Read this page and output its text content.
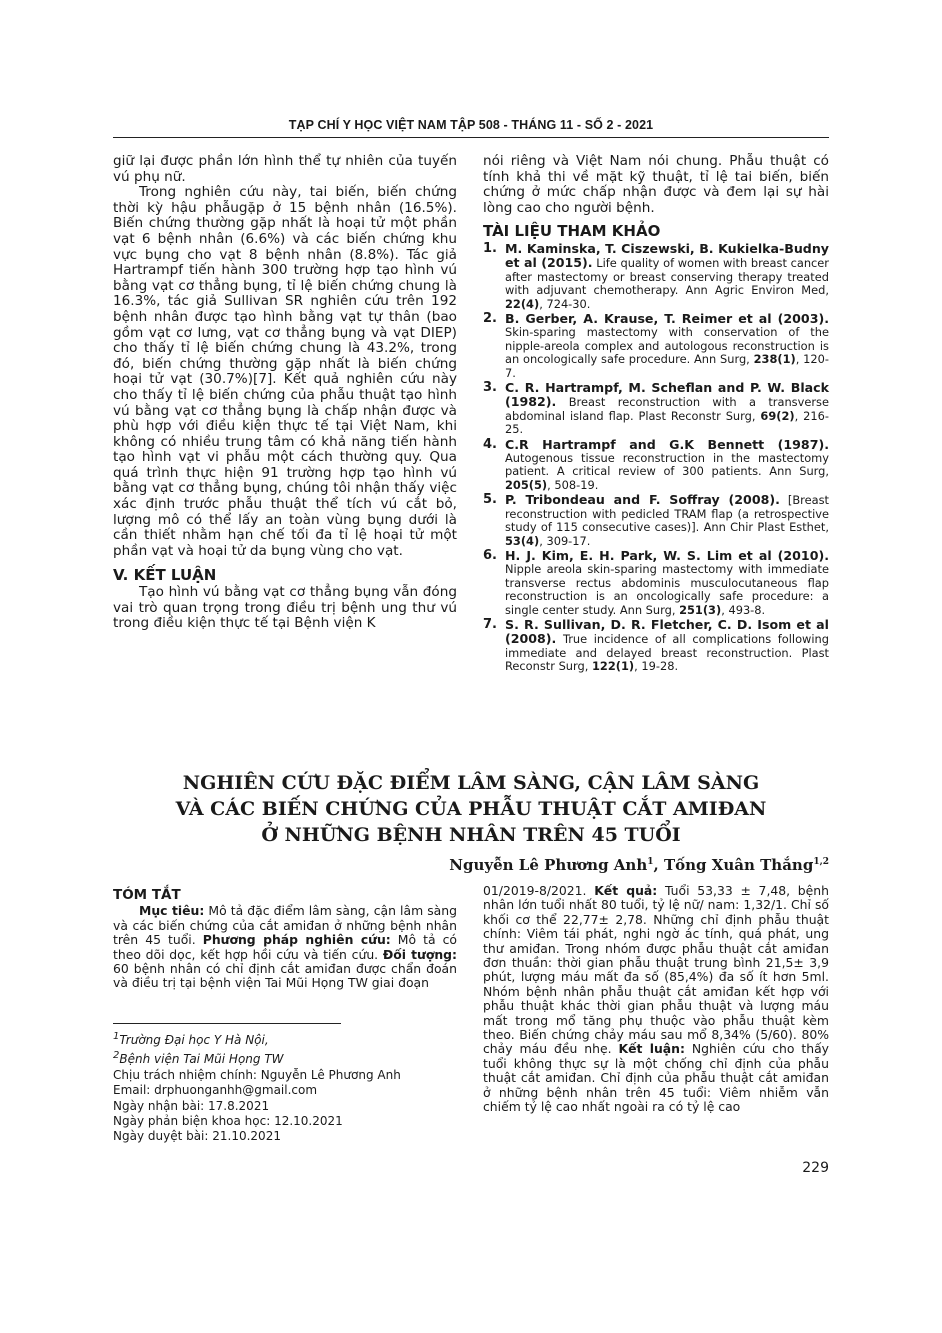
TẠP CHÍ Y HỌC VIỆT NAM TẬP 508 - THÁNG 11 - SỐ 2 - 2021

giữ lại được phần lớn hình thể tự nhiên của tuyến vú phụ nữ.

Trong nghiên cứu này, tai biến, biến chứng thời kỳ hậu phẫugặp ở 15 bệnh nhân (16.5%). Biến chứng thường gặp nhất là hoại tử một phần vạt 6 bệnh nhân (6.6%) và các biến chứng khu vực bụng cho vạt 8 bệnh nhân (8.8%). Tác giả Hartrampf tiến hành 300 trường hợp tạo hình vú bằng vạt cơ thẳng bụng, tỉ lệ biến chứng chung là 16.3%, tác giả Sullivan SR nghiên cứu trên 192 bệnh nhân được tạo hình bằng vạt tự thân (bao gồm vạt cơ lưng, vạt cơ thẳng bụng và vạt DIEP) cho thấy tỉ lệ biến chứng chung là 43.2%, trong đó, biến chứng thường gặp nhất là biến chứng hoại tử vạt (30.7%)[7]. Kết quả nghiên cứu này cho thấy tỉ lệ biến chứng của phẫu thuật tạo hình vú bằng vạt cơ thẳng bụng là chấp nhận được và phù hợp với điều kiện thực tế tại Việt Nam, khi không có nhiều trung tâm có khả năng tiến hành tạo hình vạt vi phẫu một cách thường quy. Qua quá trình thực hiện 91 trường hợp tạo hình vú bằng vạt cơ thẳng bụng, chúng tôi nhận thấy việc xác định trước phẫu thuật thể tích vú cắt bỏ, lượng mô có thể lấy an toàn vùng bụng dưới là cần thiết nhằm hạn chế tối đa tỉ lệ hoại tử một phần vạt và hoại tử da bụng vùng cho vạt.

V. KẾT LUẬN

Tạo hình vú bằng vạt cơ thẳng bụng vẫn đóng vai trò quan trọng trong điều trị bệnh ung thư vú trong điều kiện thực tế tại Bệnh viện K

nói riêng và Việt Nam nói chung. Phẫu thuật có tính khả thi về mặt kỹ thuật, tỉ lệ tai biến, biến chứng ở mức chấp nhận được và đem lại sự hài lòng cao cho người bệnh.

TÀI LIỆU THAM KHẢO
1. M. Kaminska, T. Ciszewski, B. Kukielka-Budny et al (2015). Life quality of women with breast cancer after mastectomy or breast conserving therapy treated with adjuvant chemotherapy. Ann Agric Environ Med, 22(4), 724-30.
2. B. Gerber, A. Krause, T. Reimer et al (2003). Skin-sparing mastectomy with conservation of the nipple-areola complex and autologous reconstruction is an oncologically safe procedure. Ann Surg, 238(1), 120-7.
3. C. R. Hartrampf, M. Scheflan and P. W. Black (1982). Breast reconstruction with a transverse abdominal island flap. Plast Reconstr Surg, 69(2), 216-25.
4. C.R Hartrampf and G.K Bennett (1987). Autogenous tissue reconstruction in the mastectomy patient. A critical review of 300 patients. Ann Surg, 205(5), 508-19.
5. P. Tribondeau and F. Soffray (2008). [Breast reconstruction with pedicled TRAM flap (a retrospective study of 115 consecutive cases)]. Ann Chir Plast Esthet, 53(4), 309-17.
6. H. J. Kim, E. H. Park, W. S. Lim et al (2010). Nipple areola skin-sparing mastectomy with immediate transverse rectus abdominis musculocutaneous flap reconstruction is an oncologically safe procedure: a single center study. Ann Surg, 251(3), 493-8.
7. S. R. Sullivan, D. R. Fletcher, C. D. Isom et al (2008). True incidence of all complications following immediate and delayed breast reconstruction. Plast Reconstr Surg, 122(1), 19-28.
NGHIÊN CỨU ĐẶC ĐIỂM LÂM SÀNG, CẬN LÂM SÀNG
VÀ CÁC BIẾN CHỨNG CỦA PHẪU THUẬT CẮT AMIĐAN
Ở NHỮNG BỆNH NHÂN TRÊN 45 TUỔI
Nguyễn Lê Phương Anh$^1$, Tống Xuân Thắng$^{1,2}$
TÓM TẮT

Mục tiêu: Mô tả đặc điểm lâm sàng, cận lâm sàng và các biến chứng của cắt amiđan ở những bệnh nhân trên 45 tuổi. Phương pháp nghiên cứu: Mô tả có theo dõi dọc, kết hợp hồi cứu và tiến cứu. Đối tượng: 60 bệnh nhân có chỉ định cắt amiđan được chẩn đoán và điều trị tại bệnh viện Tai Mũi Họng TW giai đoạn

01/2019-8/2021. Kết quả: Tuổi 53,33 ± 7,48, bệnh nhân lớn tuổi nhất 80 tuổi, tỷ lệ nữ/ nam: 1,32/1. Chỉ số khối cơ thể 22,77± 2,78. Những chỉ định phẫu thuật chính: Viêm tái phát, nghi ngờ ác tính, quá phát, ung thư amiđan. Trong nhóm được phẫu thuật cắt amiđan đơn thuần: thời gian phẫu thuật trung bình 21,5± 3,9 phút, lượng máu mất đa số (85,4%) đa số ít hơn 5ml. Nhóm bệnh nhân phẫu thuật cắt amiđan kết hợp với phẫu thuật khác thời gian phẫu thuật và lượng máu mất trong mổ tăng phụ thuộc vào phẫu thuật kèm theo. Biến chứng chảy máu sau mổ 8,34% (5/60). 80% chảy máu đều nhẹ. Kết luận: Nghiên cứu cho thấy tuổi không thực sự là một chống chỉ định của phẫu thuật cắt amiđan. Chỉ định của phẫu thuật cắt amiđan ở những bệnh nhân trên 45 tuổi: Viêm nhiễm vẫn chiếm tỷ lệ cao nhất ngoài ra có tỷ lệ cao

$^1$Trường Đại học Y Hà Nội,
$^2$Bệnh viện Tai Mũi Họng TW
Chịu trách nhiệm chính: Nguyễn Lê Phương Anh
Email: drphuonganhh@gmail.com
Ngày nhận bài: 17.8.2021
Ngày phản biện khoa học: 12.10.2021
Ngày duyệt bài: 21.10.2021
229
